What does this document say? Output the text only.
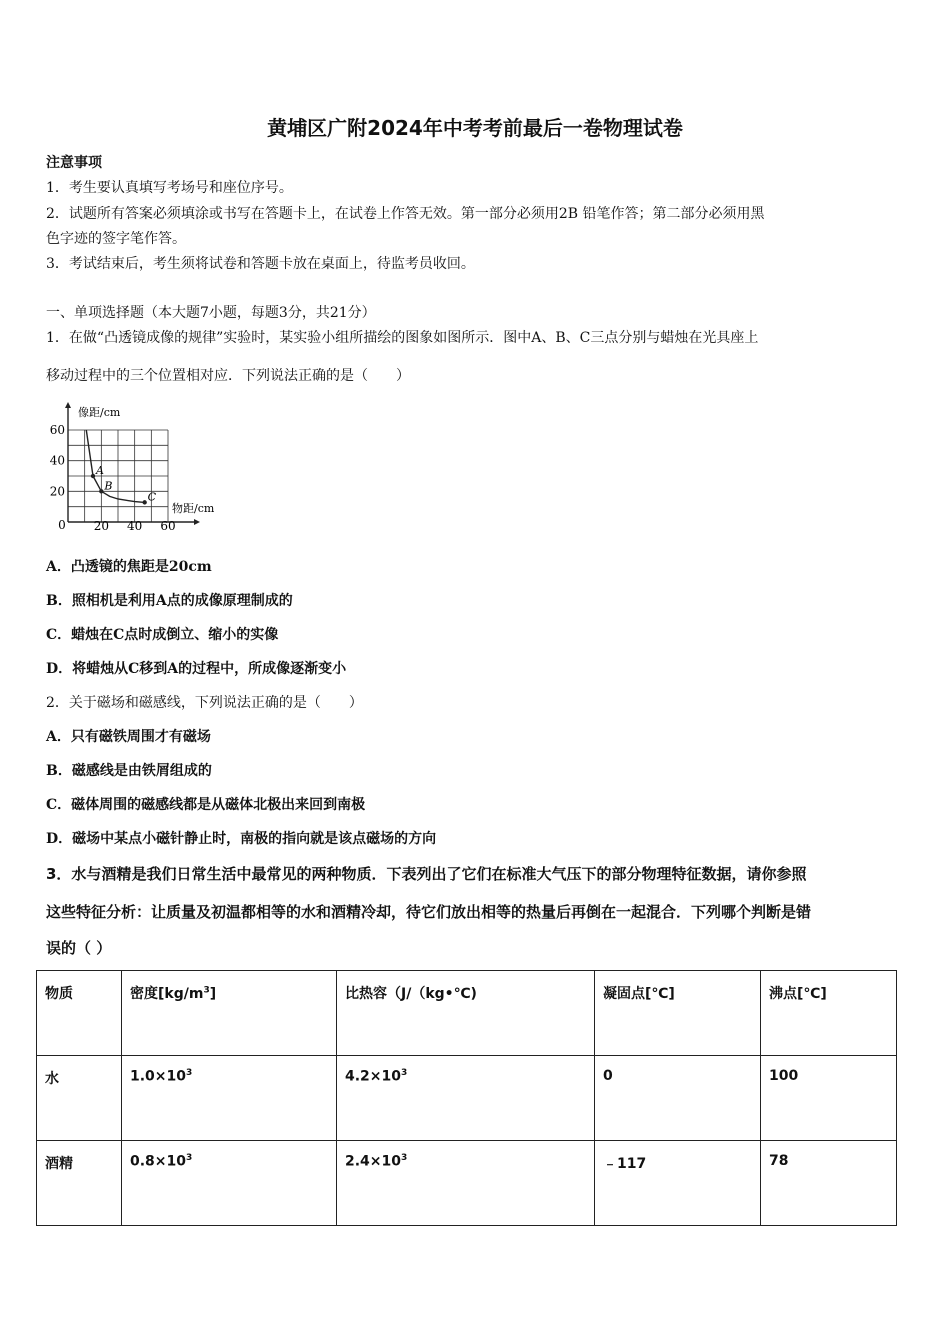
黄埔区广附2024年中考考前最后一卷物理试卷
注意事项
1．考生要认真填写考场号和座位序号。
2．试题所有答案必须填涂或书写在答题卡上，在试卷上作答无效。第一部分必须用2B 铅笔作答；第二部分必须用黑
色字迹的签字笔作答。
3．考试结束后，考生须将试卷和答题卡放在桌面上，待监考员收回。
一、单项选择题（本大题7小题，每题3分，共21分）
1．在做“凸透镜成像的规律”实验时，某实验小组所描绘的图象如图所示．图中A、B、C三点分别与蜡烛在光具座上
移动过程中的三个位置相对应．下列说法正确的是（　　）
像距/cm
物距/cm
0 20 40 60
60
40
20
A
B
C
A．凸透镜的焦距是20cm
B．照相机是利用A点的成像原理制成的
C．蜡烛在C点时成倒立、缩小的实像
D．将蜡烛从C移到A的过程中，所成像逐渐变小
2．关于磁场和磁感线，下列说法正确的是（　　）
A．只有磁铁周围才有磁场
B．磁感线是由铁屑组成的
C．磁体周围的磁感线都是从磁体北极出来回到南极
D．磁场中某点小磁针静止时，南极的指向就是该点磁场的方向
3．水与酒精是我们日常生活中最常见的两种物质．下表列出了它们在标准大气压下的部分物理特征数据，请你参照
这些特征分析：让质量及初温都相等的水和酒精冷却，待它们放出相等的热量后再倒在一起混合．下列哪个判断是错
误的（ ）
物质	密度$[kg/m^3]$	比热容（J/（kg•℃)	凝固点[℃]	沸点[℃]
水	$1.0\times 10^3$	$4.2\times 10^3$	0	100
酒精	$0.8\times 10^3$	$2.4\times 10^3$	﹣117	78
